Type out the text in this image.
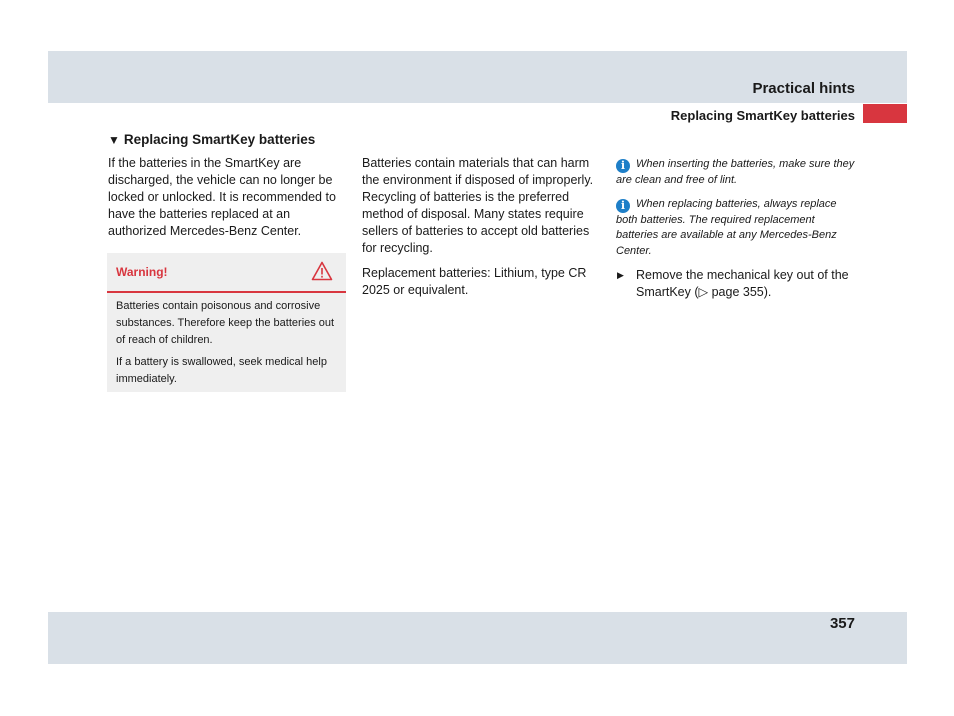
Practical hints
Replacing SmartKey batteries
▼ Replacing SmartKey batteries

If the batteries in the SmartKey are discharged, the vehicle can no longer be locked or unlocked. It is recommended to have the batteries replaced at an authorized Mercedes-Benz Center.

Warning!

Batteries contain poisonous and corrosive substances. Therefore keep the batteries out of reach of children.

If a battery is swallowed, seek medical help immediately.

Batteries contain materials that can harm the environment if disposed of improperly. Recycling of batteries is the preferred method of disposal. Many states require sellers of batteries to accept old batteries for recycling.

Replacement batteries: Lithium, type CR 2025 or equivalent.

i When inserting the batteries, make sure they are clean and free of lint.

i When replacing batteries, always replace both batteries. The required replacement batteries are available at any Mercedes-Benz Center.

▶ Remove the mechanical key out of the SmartKey (▷ page 355).
357
